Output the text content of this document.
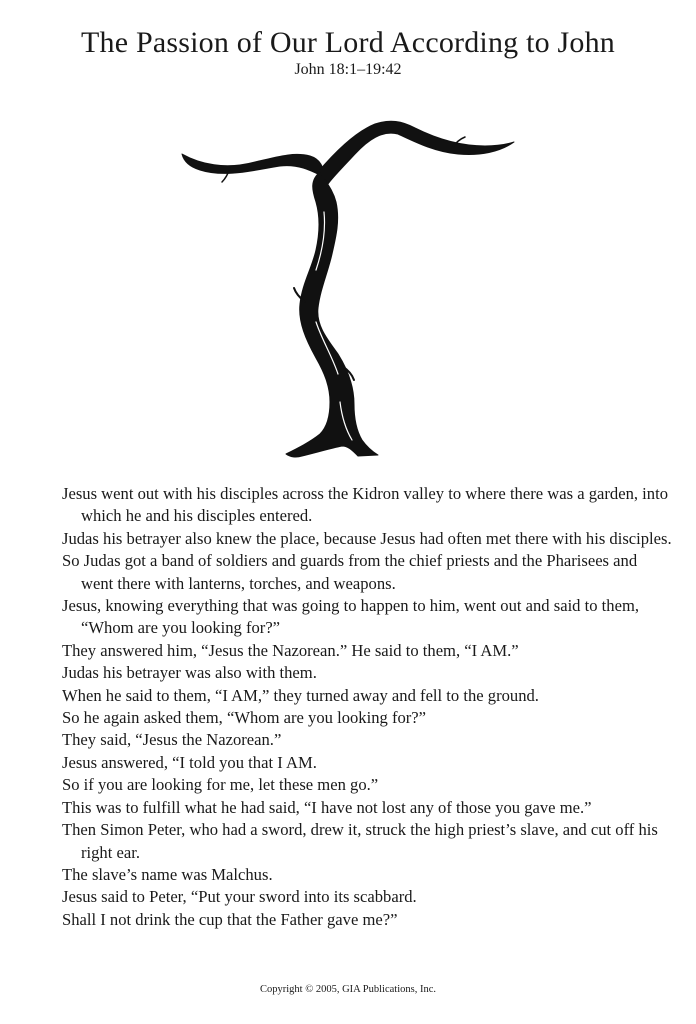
The Passion of Our Lord According to John
John 18:1–19:42

Jesus went out with his disciples across the Kidron valley to where there was a garden, into which he and his disciples entered.

Judas his betrayer also knew the place, because Jesus had often met there with his disciples.

So Judas got a band of soldiers and guards from the chief priests and the Pharisees and went there with lanterns, torches, and weapons.

Jesus, knowing everything that was going to happen to him, went out and said to them, “Whom are you looking for?”

They answered him, “Jesus the Nazorean.” He said to them, “I AM.”

Judas his betrayer was also with them.

When he said to them, “I AM,” they turned away and fell to the ground.

So he again asked them, “Whom are you looking for?”

They said, “Jesus the Nazorean.”

Jesus answered, “I told you that I AM.

So if you are looking for me, let these men go.”

This was to fulfill what he had said, “I have not lost any of those you gave me.”

Then Simon Peter, who had a sword, drew it, struck the high priest’s slave, and cut off his right ear.

The slave’s name was Malchus.

Jesus said to Peter, “Put your sword into its scabbard.

Shall I not drink the cup that the Father gave me?”

Copyright © 2005, GIA Publications, Inc.
